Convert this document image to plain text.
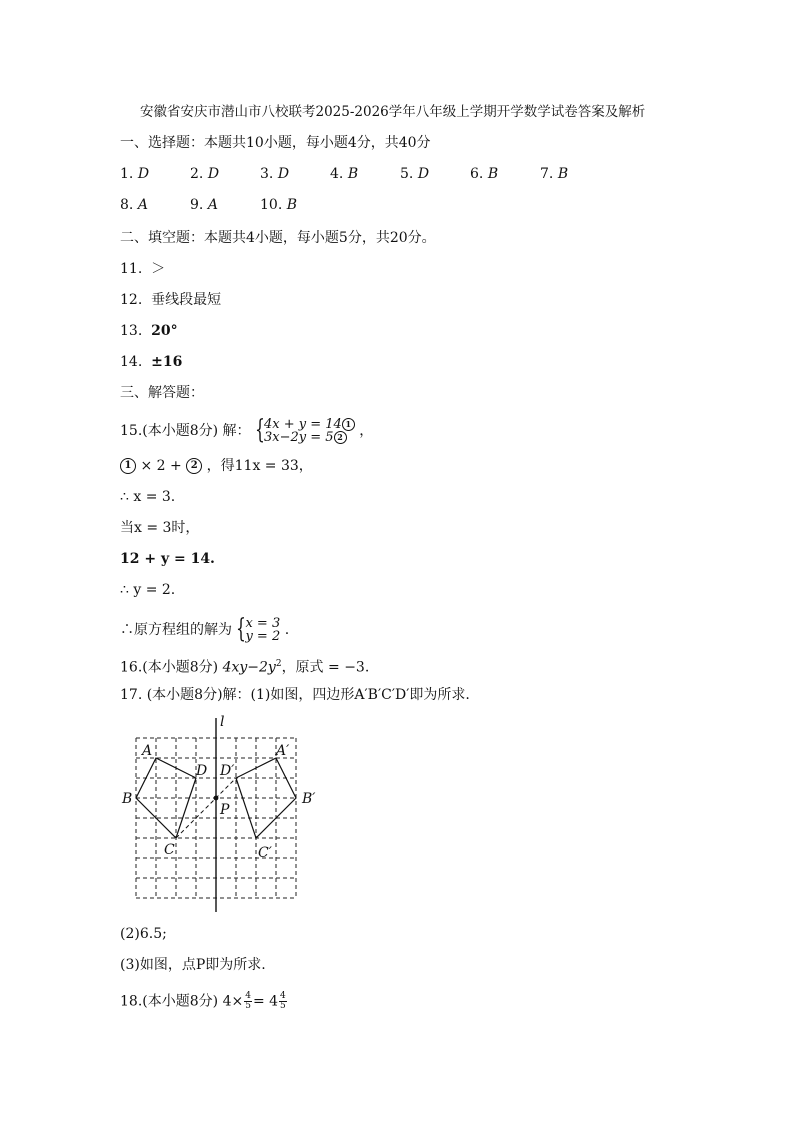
安徽省安庆市潜山市八校联考2025-2026学年八年级上学期开学数学试卷答案及解析
一、选择题：本题共10小题，每小题4分，共40分
1. D	2. D	3. D	4. B	5. D	6. B	7. B
8. A	9. A	10. B
二、填空题：本题共4小题，每小题5分，共20分。
11. ＞
12. 垂线段最短
13. 20°
14. ±16
三、解答题：
15.(本小题8分) 解： { 4x + y = 14 1
3x−2y = 5 2	，
1 × 2 + 2 ，得11x = 33，
∴ x = 3.
当x = 3时，
12 + y = 14.
∴ y = 2.
∴原方程组的解为 { x = 3
y = 2 .
16.(本小题8分) $4xy-2y^2$，原式 = −3.
17. (本小题8分)解：(1)如图，四边形A′B′C′D′即为所求.
l
A
D
B
C
A′
D′
B′
C′
P
(2)6.5;
(3)如图，点P即为所求.
18.(本小题8分) $4\times \frac{4}{5} = 4 \frac{4}{5}$
